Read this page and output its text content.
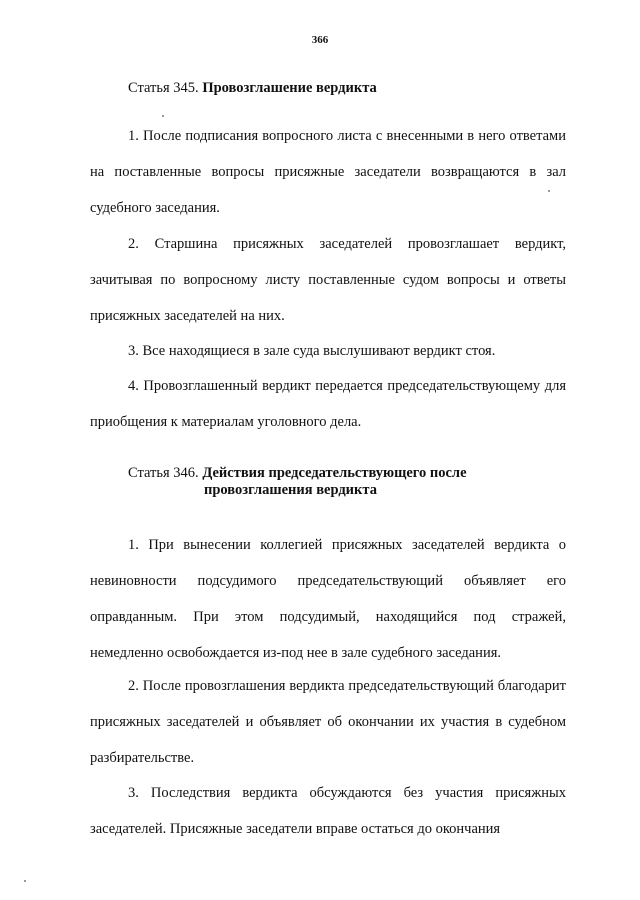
366
Статья 345. Провозглашение вердикта

1. После подписания вопросного листа с внесенными в него ответами на поставленные вопросы присяжные заседатели возвращаются в зал судебного заседания.

2. Старшина присяжных заседателей провозглашает вердикт, зачитывая по вопросному листу поставленные судом вопросы и ответы присяжных заседателей на них.

3. Все находящиеся в зале суда выслушивают вердикт стоя.

4. Провозглашенный вердикт передается председательствующему для приобщения к материалам уголовного дела.

Статья 346. Действия председательствующего после
провозглашения вердикта

1. При вынесении коллегией присяжных заседателей вердикта о невиновности подсудимого председательствующий объявляет его оправданным. При этом подсудимый, находящийся под стражей, немедленно освобождается из-под нее в зале судебного заседания.

2. После провозглашения вердикта председательствующий благодарит присяжных заседателей и объявляет об окончании их участия в судебном разбирательстве.

3. Последствия вердикта обсуждаются без участия присяжных заседателей. Присяжные заседатели вправе остаться до окончания
